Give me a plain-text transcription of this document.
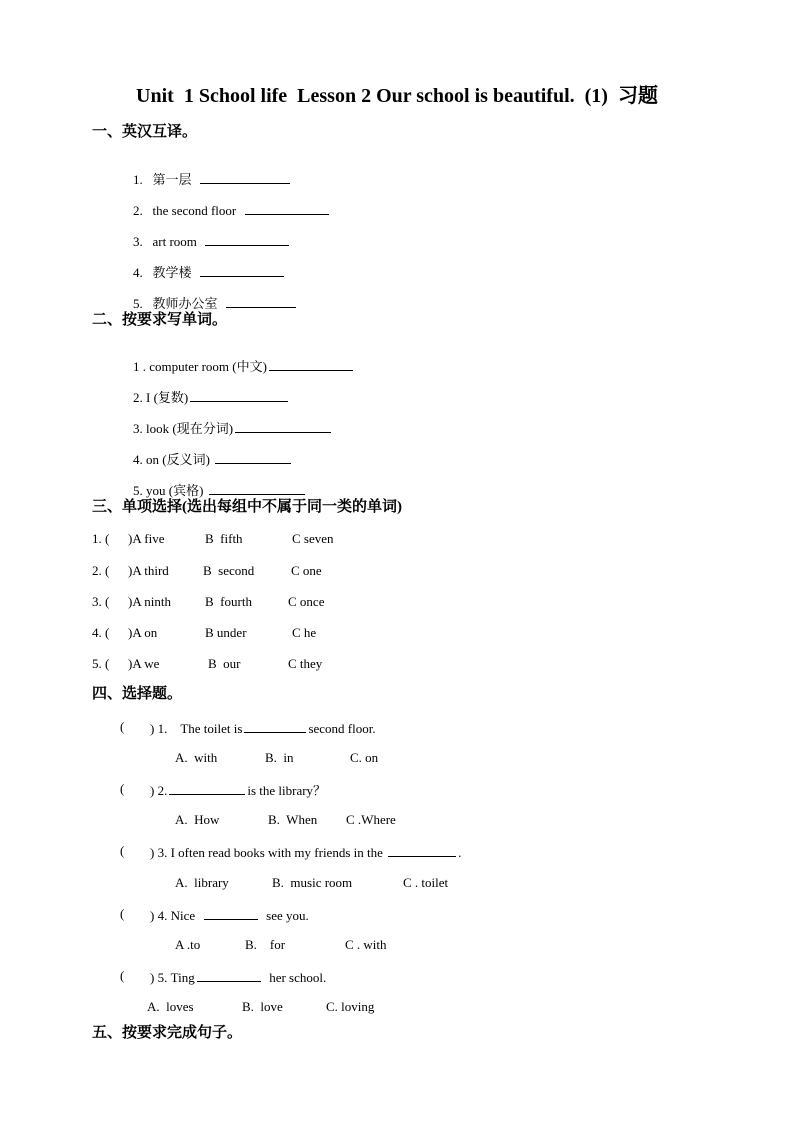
Unit  1 School life  Lesson 2 Our school is beautiful.  (1)  习题
一、英汉互译。

1. 第一层

2. the second floor

3. art room

4. 教学楼

5. 教师办公室

二、按要求写单词。

1 . computer room (中文)

2. I (复数)

3. look (现在分词)

4. on (反义词)

5. you (宾格)

三、单项选择(选出每组中不属于同一类的单词)
1. ( )A five	B  fifth	C seven
2. ( )A third	B  second	C one
3. ( )A ninth	B  fourth	C once
4. ( )A on	B under	C he
5. ( )A we	B  our	C they
四、选择题。
( ) 1. The toilet is	second floor.
A.  with	B.  in	C. on
( ) 2.	is the library？
A.  How	B.  When C .Where
( ) 3. I often read books with my friends in the	.
A.  library	B.  music room	C . toilet
( ) 4. Nice	see you.
A .to	B.    for	C . with
( ) 5. Ting	her school.
A.  loves	B.  love	C. loving
五、按要求完成句子。
